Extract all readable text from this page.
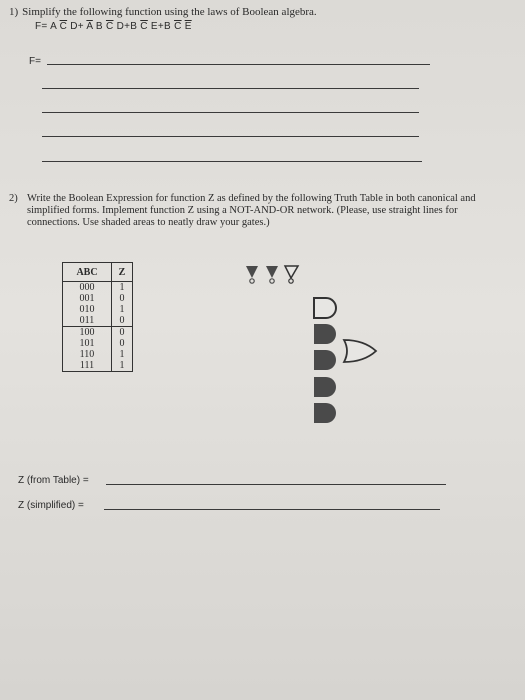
1) Simplify the following function using the laws of Boolean algebra.
F= A $\overline{C}$ $D+ \overline{A}$ B $\overline{C}$ D+B $\overline{C}$ E+B $\overline{C}$ $\overline{E}$
F=
2) Write the Boolean Expression for function Z as defined by the following Truth Table in both canonical and simplified forms. Implement function Z using a NOT-AND-OR network. (Please, use straight lines for connections. Use shaded areas to neatly draw your gates.)
ABC	Z
000	1
001	0
010	1
011	0
100	0
101	0
110	1
111	1
Z (from Table) =
Z (simplified) =
